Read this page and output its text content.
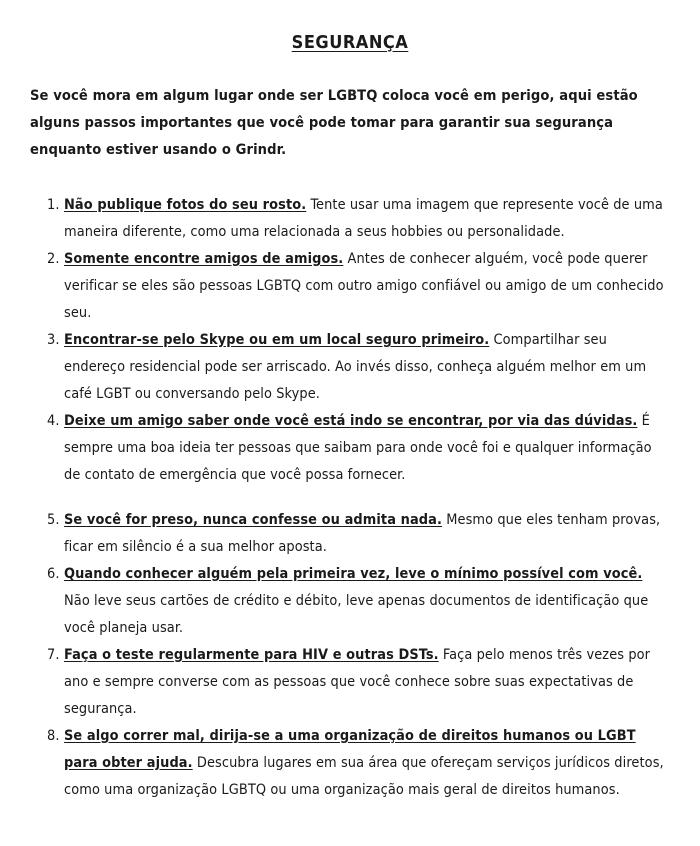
SEGURANÇA

Se você mora em algum lugar onde ser LGBTQ coloca você em perigo, aqui estão alguns passos importantes que você pode tomar para garantir sua segurança enquanto estiver usando o Grindr.

1. Não publique fotos do seu rosto. Tente usar uma imagem que represente você de uma maneira diferente, como uma relacionada a seus hobbies ou personalidade.
2. Somente encontre amigos de amigos. Antes de conhecer alguém, você pode querer verificar se eles são pessoas LGBTQ com outro amigo confiável ou amigo de um conhecido seu.
3. Encontrar-se pelo Skype ou em um local seguro primeiro. Compartilhar seu endereço residencial pode ser arriscado. Ao invés disso, conheça alguém melhor em um café LGBT ou conversando pelo Skype.
4. Deixe um amigo saber onde você está indo se encontrar, por via das dúvidas. É sempre uma boa ideia ter pessoas que saibam para onde você foi e qualquer informação de contato de emergência que você possa fornecer.
5. Se você for preso, nunca confesse ou admita nada. Mesmo que eles tenham provas, ficar em silêncio é a sua melhor aposta.
6. Quando conhecer alguém pela primeira vez, leve o mínimo possível com você. Não leve seus cartões de crédito e débito, leve apenas documentos de identificação que você planeja usar.
7. Faça o teste regularmente para HIV e outras DSTs. Faça pelo menos três vezes por ano e sempre converse com as pessoas que você conhece sobre suas expectativas de segurança.
8. Se algo correr mal, dirija-se a uma organização de direitos humanos ou LGBT para obter ajuda. Descubra lugares em sua área que ofereçam serviços jurídicos diretos, como uma organização LGBTQ ou uma organização mais geral de direitos humanos.
